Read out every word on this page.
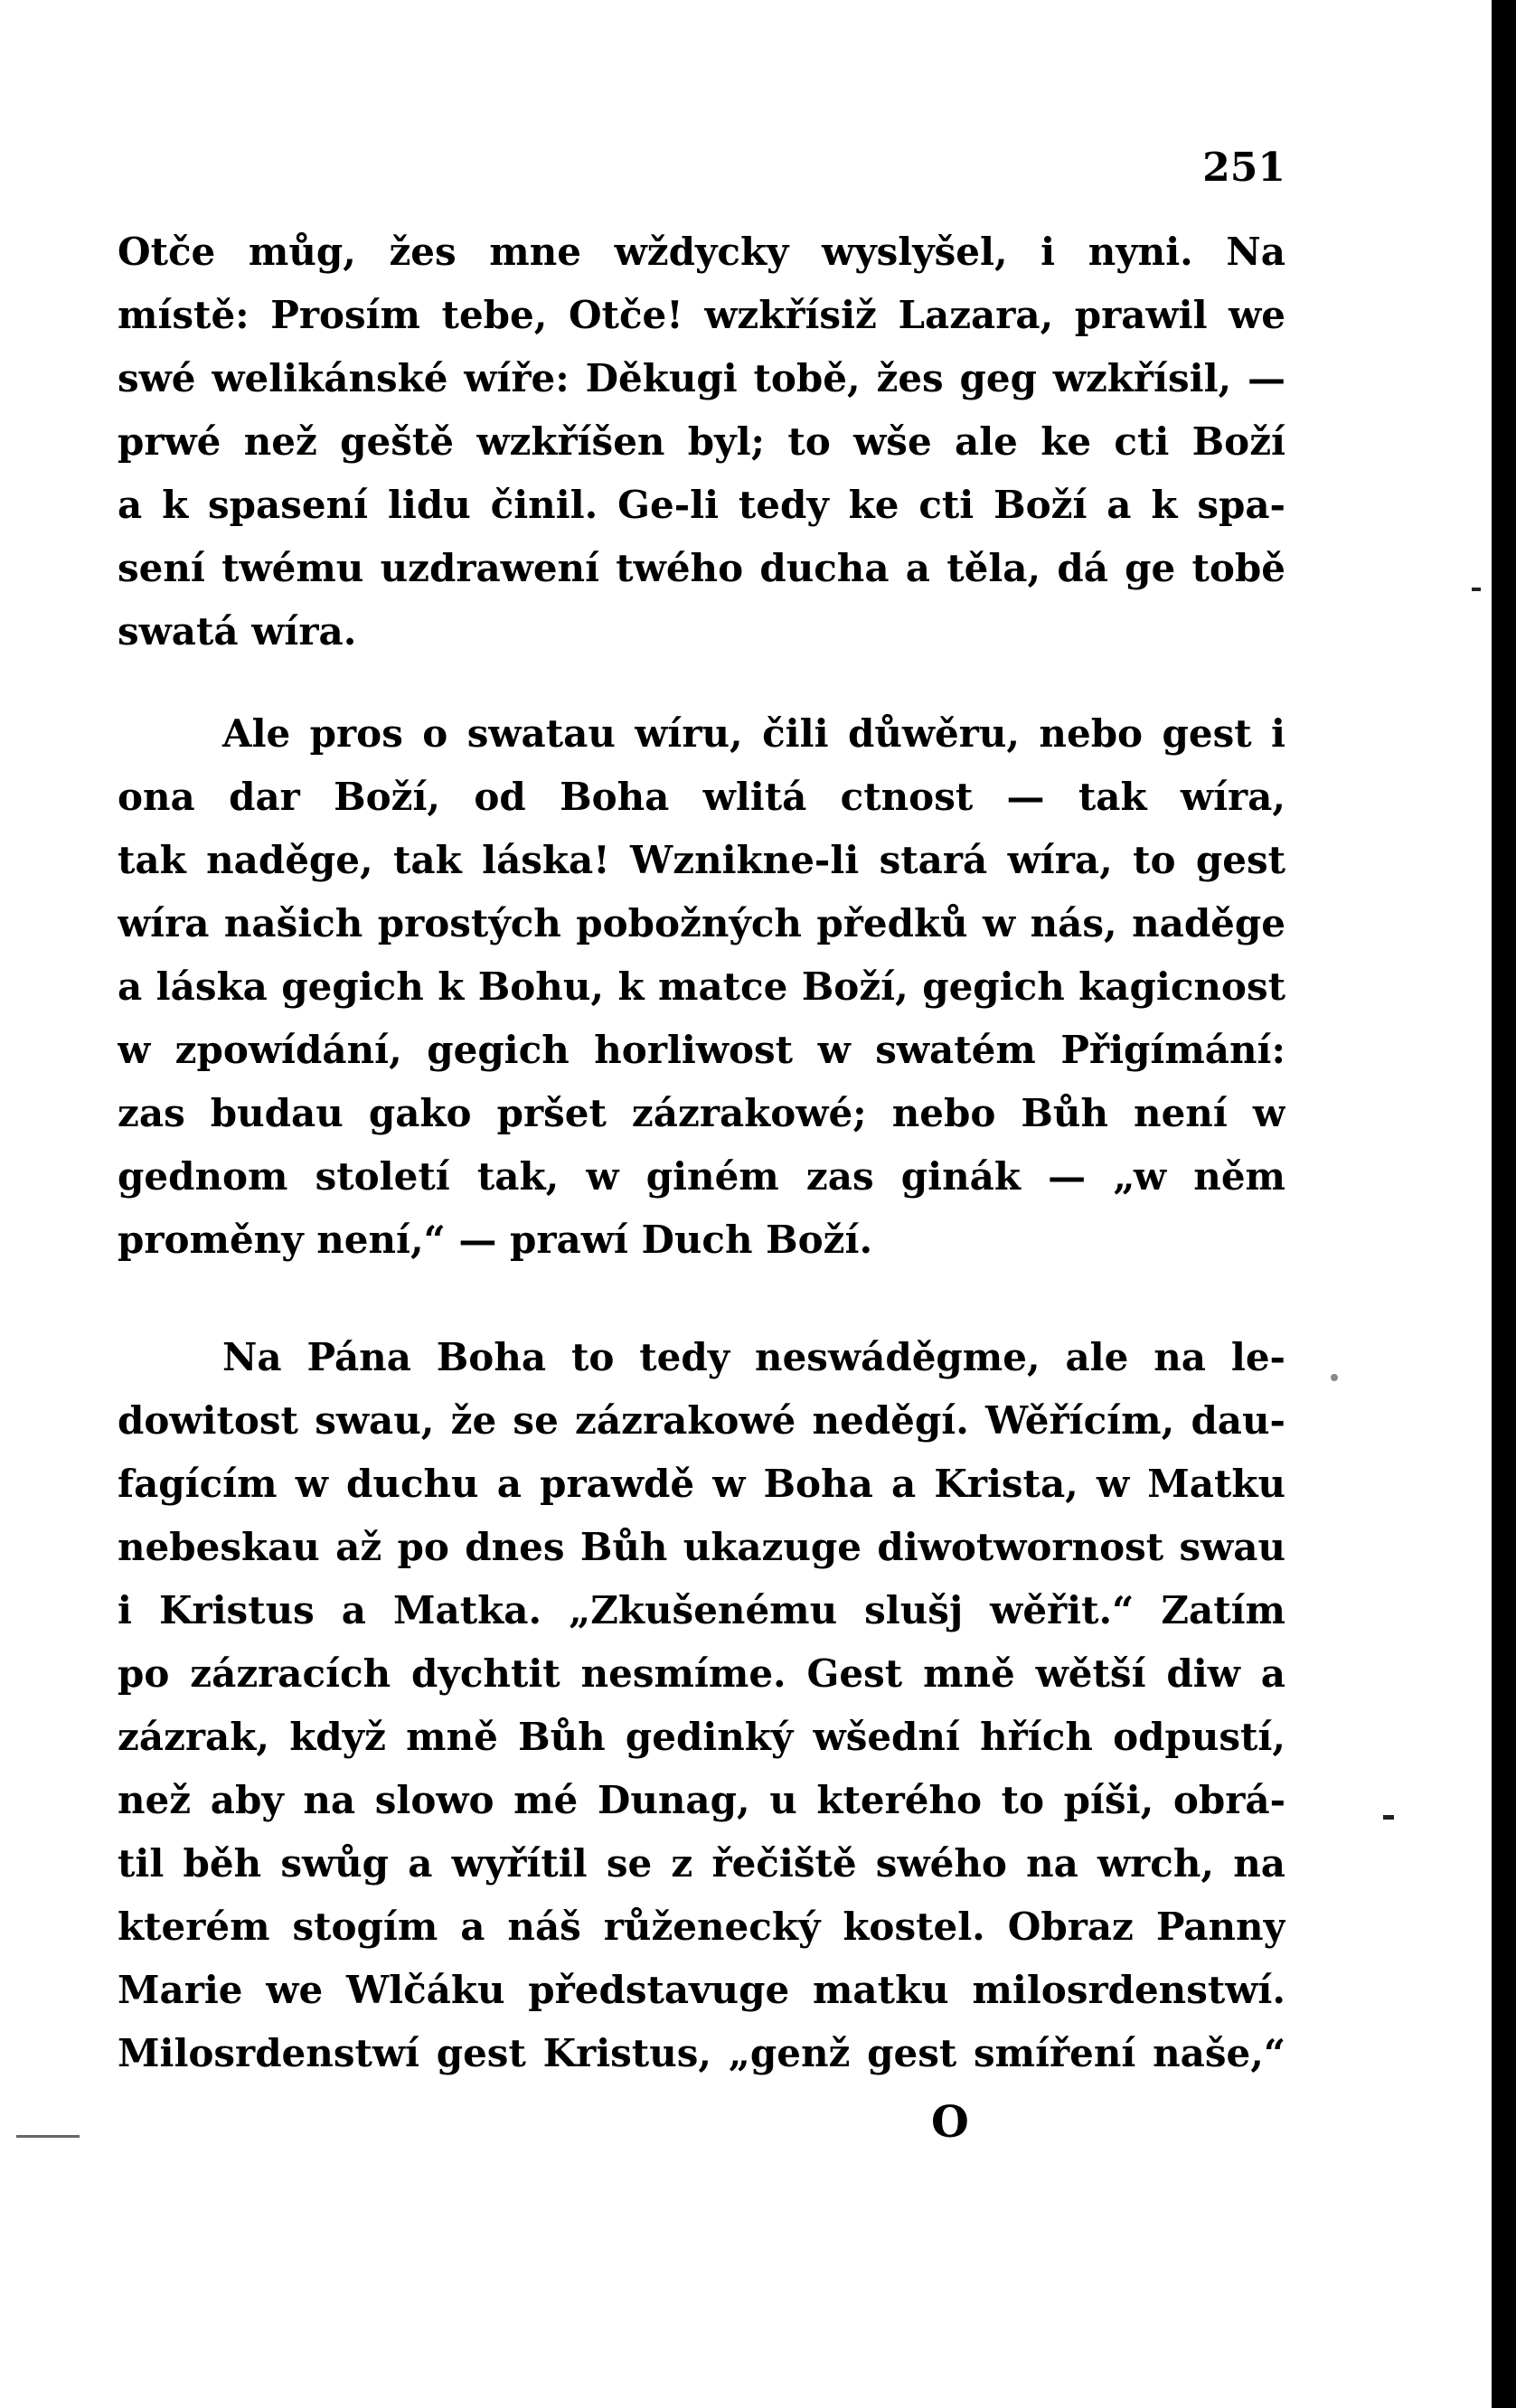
251
Otče můg, žes mne wždycky wyslyšel, i nyni. Na
místě: Prosím tebe, Otče! wzkřísiž Lazara, prawil we
swé welikánské wíře: Děkugi tobě, žes geg wzkřísil, —
prwé než geště wzkříšen byl; to wše ale ke cti Boží
a k spasení lidu činil. Ge-li tedy ke cti Boží a k spa-
sení twému uzdrawení twého ducha a těla, dá ge tobě
swatá wíra.
Ale pros o swatau wíru, čili důwěru, nebo gest i
ona dar Boží, od Boha wlitá ctnost — tak wíra,
tak naděge, tak láska! Wznikne-li stará wíra, to gest
wíra našich prostých pobožných předků w nás, naděge
a láska gegich k Bohu, k matce Boží, gegich kagicnost
w zpowídání, gegich horliwost w swatém Přigímání:
zas budau gako pršet zázrakowé; nebo Bůh není w
gednom století tak, w giném zas ginák — „w něm
proměny není,“ — prawí Duch Boží.
Na Pána Boha to tedy neswáděgme, ale na le-
dowitost swau, že se zázrakowé neděgí. Wěřícím, dau-
fagícím w duchu a prawdě w Boha a Krista, w Matku
nebeskau až po dnes Bůh ukazuge diwotwornost swau
i Kristus a Matka. „Zkušenému slušj wěřit.“ Zatím
po zázracích dychtit nesmíme. Gest mně wětší diw a
zázrak, když mně Bůh gedinký wšední hřích odpustí,
než aby na slowo mé Dunag, u kterého to píši, obrá-
til běh swůg a wyřítil se z řečiště swého na wrch, na
kterém stogím a náš růženecký kostel. Obraz Panny
Marie we Wlčáku představuge matku milosrdenstwí.
Milosrdenstwí gest Kristus, „genž gest smíření naše,“
O
